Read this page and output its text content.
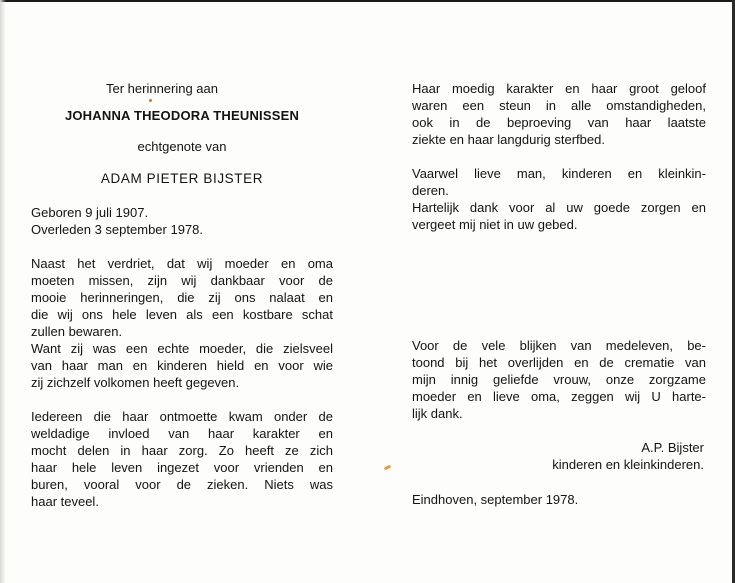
Ter herinnering aan
JOHANNA THEODORA THEUNISSEN
echtgenote van
ADAM PIETER BIJSTER
Geboren 9 juli 1907.
Overleden 3 september 1978.
Naast het verdriet, dat wij moeder en oma
moeten missen, zijn wij dankbaar voor de
mooie herinneringen, die zij ons nalaat en
die wij ons hele leven als een kostbare schat
zullen bewaren.
Want zij was een echte moeder, die zielsveel
van haar man en kinderen hield en voor wie
zij zichzelf volkomen heeft gegeven.
Iedereen die haar ontmoette kwam onder de
weldadige invloed van haar karakter en
mocht delen in haar zorg. Zo heeft ze zich
haar hele leven ingezet voor vrienden en
buren, vooral voor de zieken. Niets was
haar teveel.
Haar moedig karakter en haar groot geloof
waren een steun in alle omstandigheden,
ook in de beproeving van haar laatste
ziekte en haar langdurig sterfbed.
Vaarwel lieve man, kinderen en kleinkin-
deren.
Hartelijk dank voor al uw goede zorgen en
vergeet mij niet in uw gebed.
Voor de vele blijken van medeleven, be-
toond bij het overlijden en de crematie van
mijn innig geliefde vrouw, onze zorgzame
moeder en lieve oma, zeggen wij U harte-
lijk dank.
A.P. Bijster
kinderen en kleinkinderen.
Eindhoven, september 1978.
